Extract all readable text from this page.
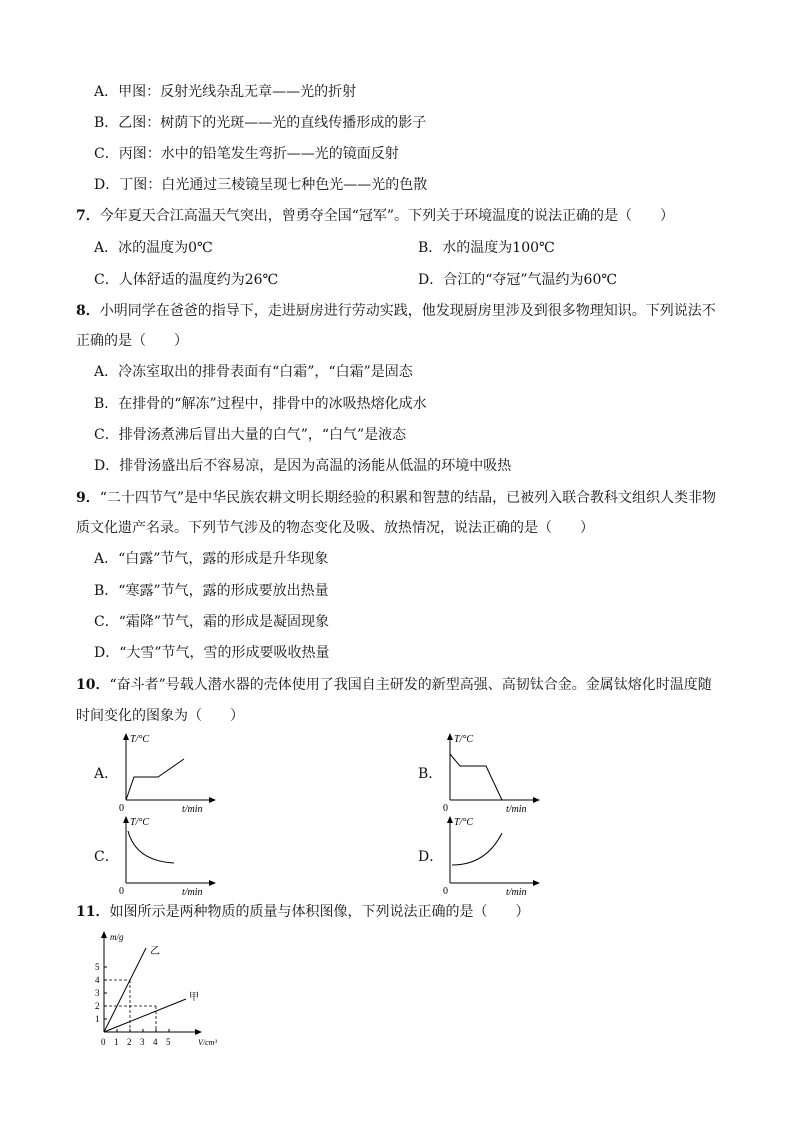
A．甲图：反射光线杂乱无章——光的折射
B．乙图：树荫下的光斑——光的直线传播形成的影子
C．丙图：水中的铅笔发生弯折——光的镜面反射
D．丁图：白光通过三棱镜呈现七种色光——光的色散
7．今年夏天合江高温天气突出，曾勇夺全国“冠军”。下列关于环境温度的说法正确的是（　　）
A．冰的温度为0℃	B．水的温度为100℃
C．人体舒适的温度约为26℃	D．合江的“夺冠”气温约为60℃
8．小明同学在爸爸的指导下，走进厨房进行劳动实践，他发现厨房里涉及到很多物理知识。下列说法不
正确的是（　　）
A．冷冻室取出的排骨表面有“白霜”，“白霜”是固态
B．在排骨的“解冻”过程中，排骨中的冰吸热熔化成水
C．排骨汤煮沸后冒出大量的白气”，“白气”是液态
D．排骨汤盛出后不容易凉，是因为高温的汤能从低温的环境中吸热
9．“二十四节气”是中华民族农耕文明长期经验的积累和智慧的结晶，已被列入联合教科文组织人类非物
质文化遗产名录。下列节气涉及的物态变化及吸、放热情况，说法正确的是（　　）
A．“白露”节气，露的形成是升华现象
B．“寒露”节气，露的形成要放出热量
C．“霜降”节气，霜的形成是凝固现象
D．“大雪”节气，雪的形成要吸收热量
10．“奋斗者”号载人潜水器的壳体使用了我国自主研发的新型高强、高韧钛合金。金属钛熔化时温度随
时间变化的图象为（　　）
A．
T/°C
t/min
0
B．
T/°C
t/min
0
C．
T/°C
t/min
0
D．
T/°C
t/min
0
11．如图所示是两种物质的质量与体积图像，下列说法正确的是（　　）
m/g
V/cm³
1
2
3
4
5
0 1 2 3 4 5
乙
甲
